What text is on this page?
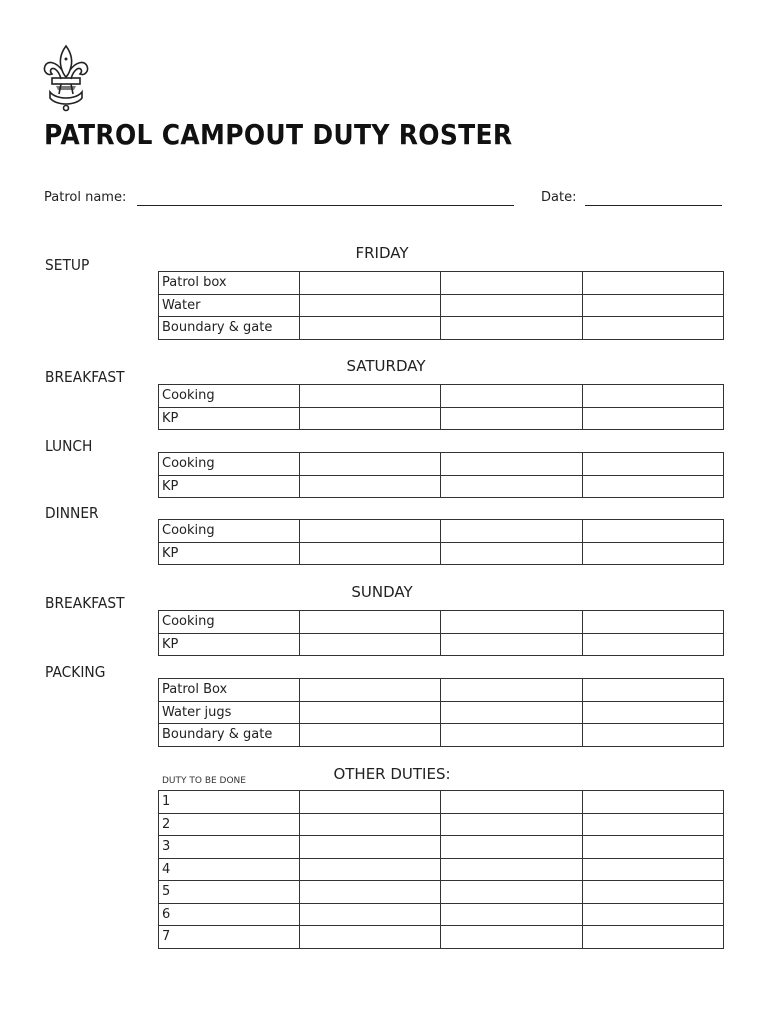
PATROL CAMPOUT DUTY ROSTER
Patrol name:	Date:
FRIDAY
SETUP
Patrol box			
Water			
Boundary & gate			
SATURDAY
BREAKFAST
Cooking			
KP			
LUNCH
Cooking			
KP			
DINNER
Cooking			
KP			
SUNDAY
BREAKFAST
Cooking			
KP			
PACKING
Patrol Box			
Water jugs			
Boundary & gate			
OTHER DUTIES:
DUTY TO BE DONE
1			
2			
3			
4			
5			
6			
7			
